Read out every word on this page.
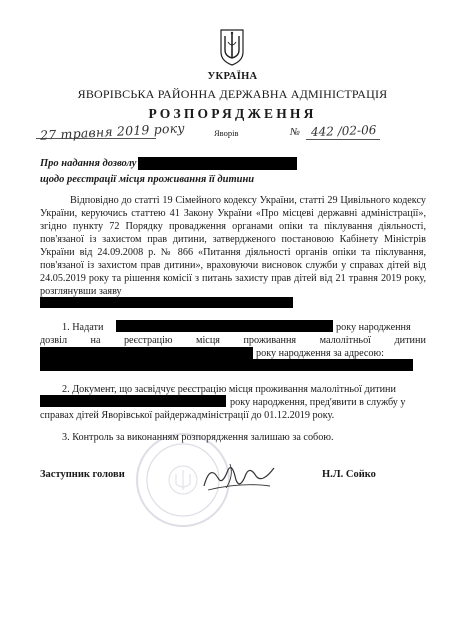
УКРАЇНА
ЯВОРІВСЬКА РАЙОННА ДЕРЖАВНА АДМІНІСТРАЦІЯ
РОЗПОРЯДЖЕННЯ
27 травня 2019 року	Яворів	№ 442 /02-06
Про надання дозволу
щодо реєстрації місця проживання її дитини
Відповідно до статті 19 Сімейного кодексу України, статті 29 Цивільного кодексу України, керуючись статтею 41 Закону України «Про місцеві державні адміністрації», згідно пункту 72 Порядку провадження органами опіки та піклування діяльності, пов'язаної із захистом прав дитини, затвердженого постановою Кабінету Міністрів України від 24.09.2008 р. № 866 «Питання діяльності органів опіки та піклування, пов'язаної із захистом прав дитини», враховуючи висновок служби у справах дітей від 24.05.2019 року та рішення комісії з питань захисту прав дітей від 21 травня 2019 року, розглянувши заяву
1. Надати	року народження
дозвіл на реєстрацію місця проживання малолітньої дитини
року народження за адресою:
2. Документ, що засвідчує реєстрацію місця проживання малолітньої дитини
року народження, пред'явити в службу у
справах дітей Яворівської райдержадміністрації до 01.12.2019 року.
3. Контроль за виконанням розпорядження залишаю за собою.
Заступник голови	Н.Л. Сойко
